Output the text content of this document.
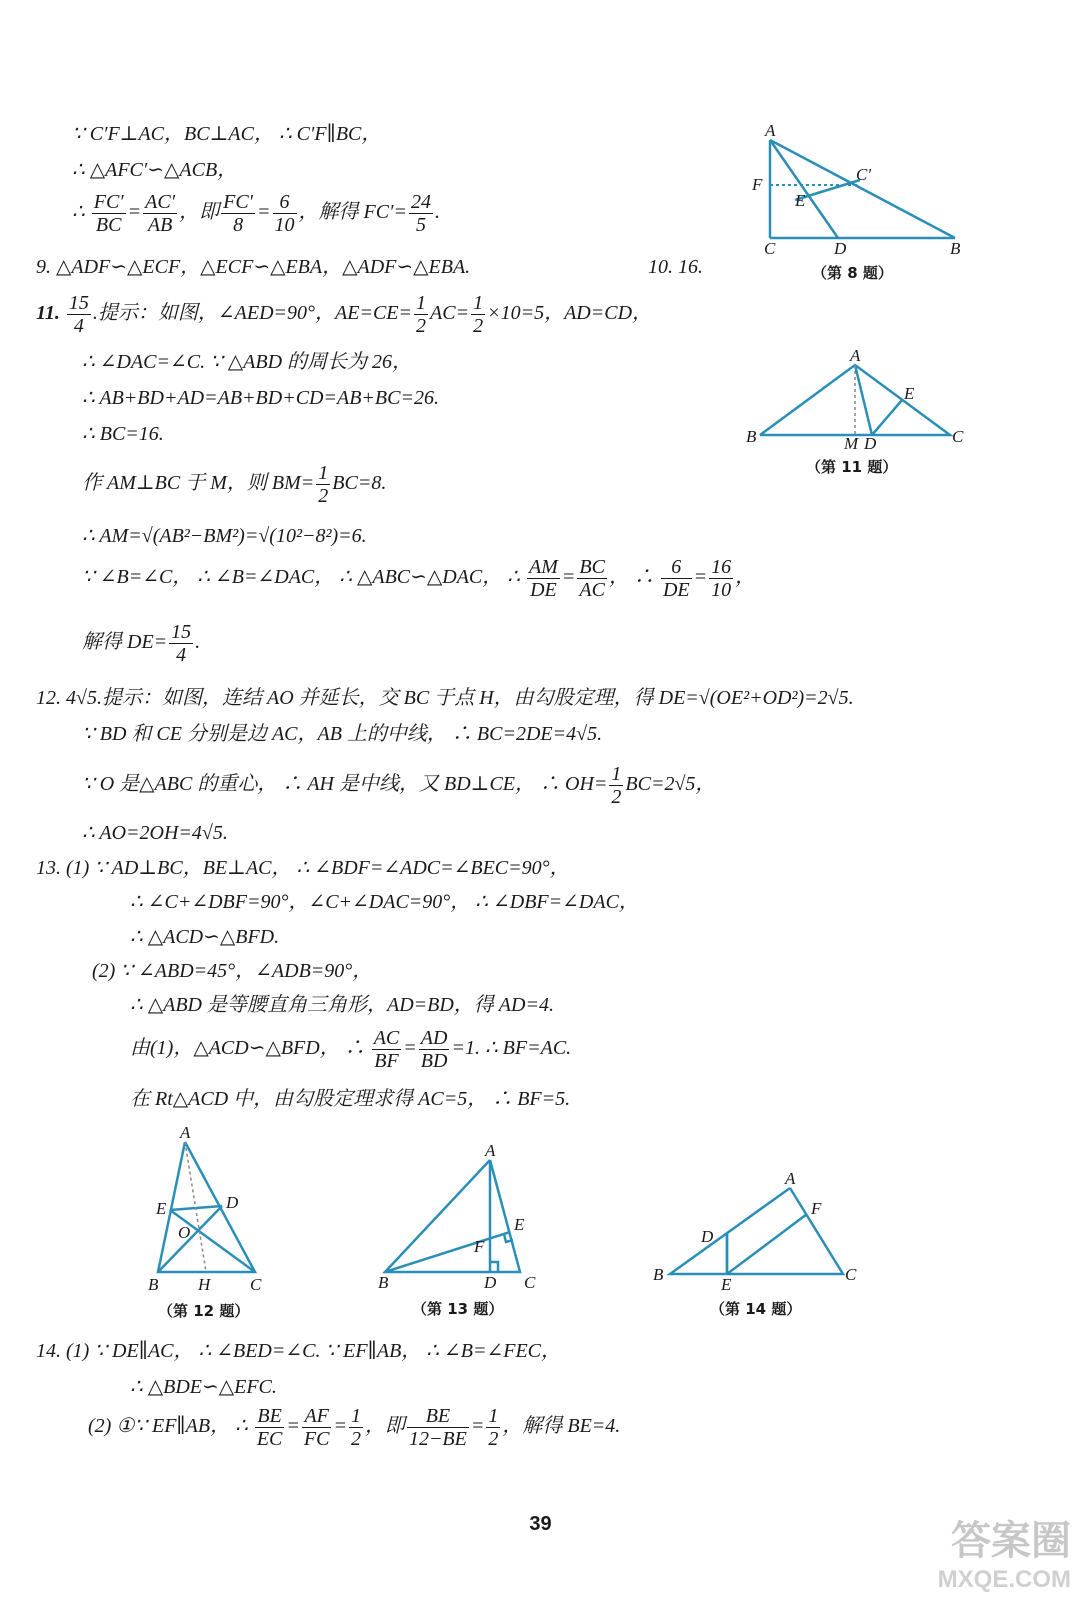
∵ C′F⊥AC，BC⊥AC， ∴ C′F∥BC，
∴ △AFC′∽△ACB，
∴ $\frac{FC'}{BC} = \frac{AC'}{AB}$ ，即 $\frac{FC'}{8} = \frac{6}{10}$ ，解得 $FC'= \frac{24}{5}$ .
A
F
C′
E
C	D	B
（第 8 题）
9. △ADF∽△ECF，△ECF∽△EBA，△ADF∽△EBA.	10. 16.
11. $\frac{15}{4}$ .提示：如图，∠AED=90°，$AE=CE= \frac{1}{2} AC= \frac{1}{2} \times 10=5$，AD=CD，
∴ ∠DAC=∠C. ∵ △ABD 的周长为 26，
∴ AB+BD+AD=AB+BD+CD=AB+BC=26.
∴ BC=16.
作 AM⊥BC 于 M，则 $BM= \frac{1}{2} BC=8$.
∴ AM=√(AB²−BM²)=√(10²−8²)=6.
∵ ∠B=∠C， ∴ ∠B=∠DAC， ∴ △ABC∽△DAC， ∴ $\frac{AM}{DE} = \frac{BC}{AC}$ ， ∴ $\frac{6}{DE} = \frac{16}{10}$ ，
解得 $DE= \frac{15}{4}$ .
A
E
B	M D	C
（第 11 题）
12. 4√5.提示：如图，连结 AO 并延长，交 BC 于点 H，由勾股定理，得 DE=√(OE²+OD²)=2√5.
∵ BD 和 CE 分别是边 AC，AB 上的中线， ∴ BC=2DE=4√5.
∵ O 是△ABC 的重心， ∴ AH 是中线，又 BD⊥CE， ∴ $OH= \frac{1}{2} BC=2√5$，
∴ AO=2OH=4√5.
13. (1) ∵ AD⊥BC，BE⊥AC， ∴ ∠BDF=∠ADC=∠BEC=90°，
∴ ∠C+∠DBF=90°，∠C+∠DAC=90°， ∴ ∠DBF=∠DAC，
∴ △ACD∽△BFD.
(2) ∵ ∠ABD=45°，∠ADB=90°，
∴ △ABD 是等腰直角三角形，AD=BD，得 AD=4.
由(1)，△ACD∽△BFD， ∴ $\frac{AC}{BF} = \frac{AD}{BD} =1$. ∴ BF=AC.
在 Rt△ACD 中，由勾股定理求得 AC=5， ∴ BF=5.
A
E	D
O
B H C
（第 12 题）
A
E
F
B	D C
（第 13 题）
A
F
D
B
E
C
（第 14 题）
14. (1) ∵ DE∥AC， ∴ ∠BED=∠C. ∵ EF∥AB， ∴ ∠B=∠FEC，
∴ △BDE∽△EFC.
(2) ①∵ EF∥AB， ∴ $\frac{BE}{EC} = \frac{AF}{FC} = \frac{1}{2}$ ，即 $\frac{BE}{12-BE} = \frac{1}{2}$ ，解得 BE=4.
39	答案圈
MXQE.COM
